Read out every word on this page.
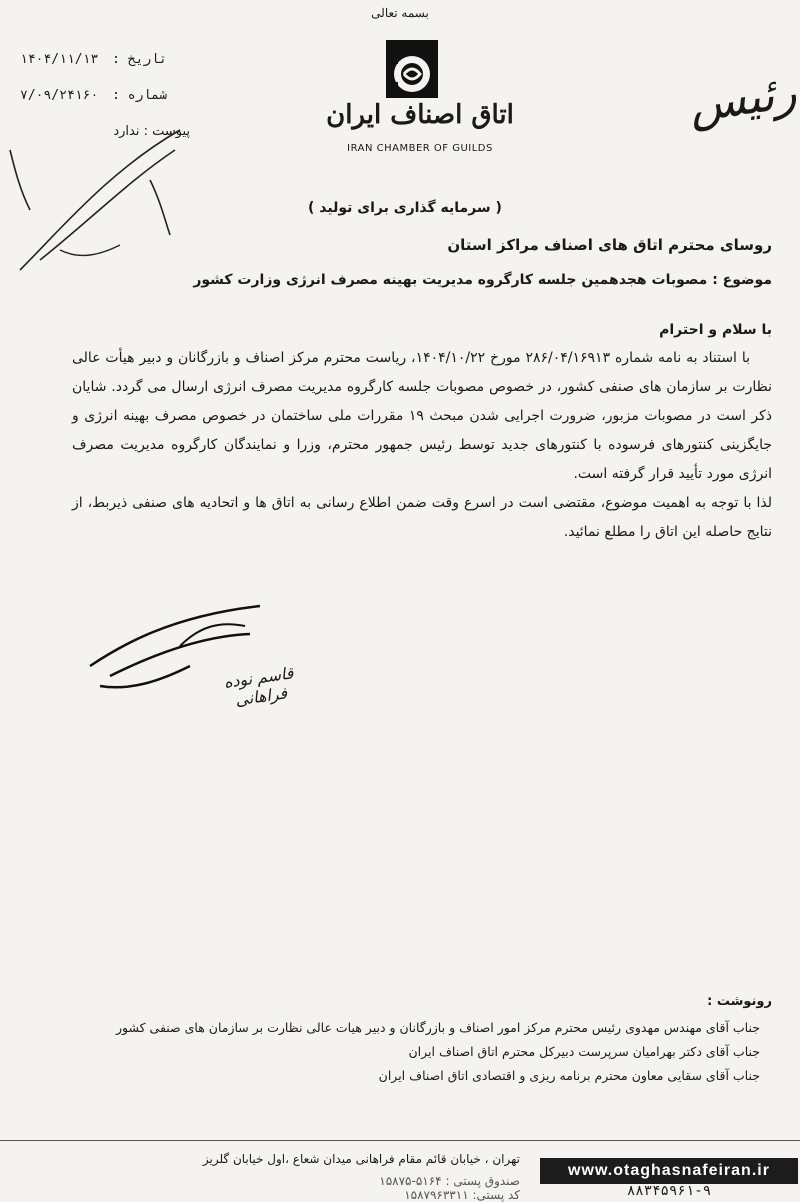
بسمه تعالی
اتاق اصناف ایران
IRAN CHAMBER OF GUILDS
۱۴۰۴/۱۱/۱۳ تاریخ :
۷/۰۹/۲۴۱۶۰ شماره :
پیوست : ندارد	رئیس
( سرمایه گذاری برای تولید )
روسای محترم اتاق های اصناف مراکز استان
موضوع : مصوبات هجدهمین جلسه کارگروه مدیریت بهینه مصرف انرژی وزارت کشور
با سلام و احترام
با استناد به نامه شماره ۲۸۶/۰۴/۱۶۹۱۳ مورخ ۱۴۰۴/۱۰/۲۲، ریاست محترم مرکز اصناف و بازرگانان و دبیر هیأت عالی نظارت بر سازمان های صنفی کشور، در خصوص مصوبات جلسه کارگروه مدیریت مصرف انرژی ارسال می گردد. شایان ذکر است در مصوبات مزبور، ضرورت اجرایی شدن مبحث ۱۹ مقررات ملی ساختمان در خصوص مصرف بهینه انرژی و جایگزینی کنتورهای فرسوده با کنتورهای جدید توسط رئیس جمهور محترم، وزرا و نمایندگان کارگروه مدیریت مصرف انرژی مورد تأیید قرار گرفته است.
لذا با توجه به اهمیت موضوع، مقتضی است در اسرع وقت ضمن اطلاع رسانی به اتاق ها و اتحادیه های صنفی ذیربط، از نتایج حاصله این اتاق را مطلع نمائید.
قاسم نوده فراهانی
رونوشت :
جناب آقای مهندس مهدوی رئیس محترم مرکز امور اصناف و بازرگانان و دبیر هیات عالی نظارت بر سازمان های صنفی کشور
جناب آقای دکتر بهرامیان سرپرست دبیرکل محترم اتاق اصناف ایران
جناب آقای سقایی معاون محترم برنامه ریزی و اقتصادی اتاق اصناف ایران
www.otaghasnafeiran.ir
۸۸۳۴۵۹۶۱-۹
تهران ، خیابان قائم مقام فراهانی میدان شعاع ،اول خیابان گلریز
صندوق پستی : ۵۱۶۴-۱۵۸۷۵
کد پستی: ۱۵۸۷۹۶۳۳۱۱
